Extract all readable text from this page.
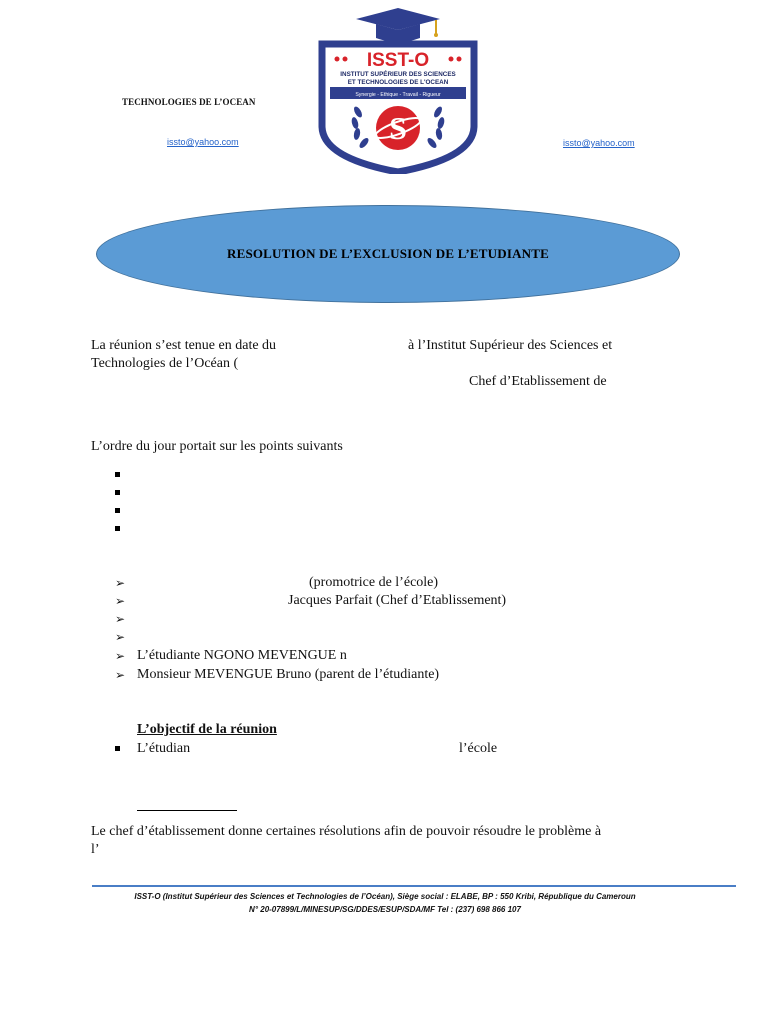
TECHNOLOGIES DE L’OCEAN
issto@yahoo.com	issto@yahoo.com
ISST-O
INSTITUT SUPÉRIEUR DES SCIENCES
ET TECHNOLOGIES DE L'OCEAN
Synergie - Ethique - Travail - Rigueur
S
RESOLUTION DE L’EXCLUSION DE L’ETUDIANTE
La réunion s’est tenue en date du	à l’Institut Supérieur des Sciences et
Technologies de l’Océan (
Chef d’Etablissement de
L’ordre du jour portait sur les points suivants
➢	(promotrice de l’école)
➢	Jacques Parfait (Chef d’Etablissement)
➢
➢
➢ L’étudiante NGONO MEVENGUE n
➢ Monsieur MEVENGUE Bruno (parent de l’étudiante)
L’objectif de la réunion
L’étudian	l’école
Le chef d’établissement donne certaines résolutions afin de pouvoir résoudre le problème à
l’
ISST-O (Institut Supérieur des Sciences et Technologies de l’Océan), Siège social : ELABE, BP : 550 Kribi, République du Cameroun
N° 20-07899/L/MINESUP/SG/DDES/ESUP/SDA/MF Tel : (237) 698 866 107
